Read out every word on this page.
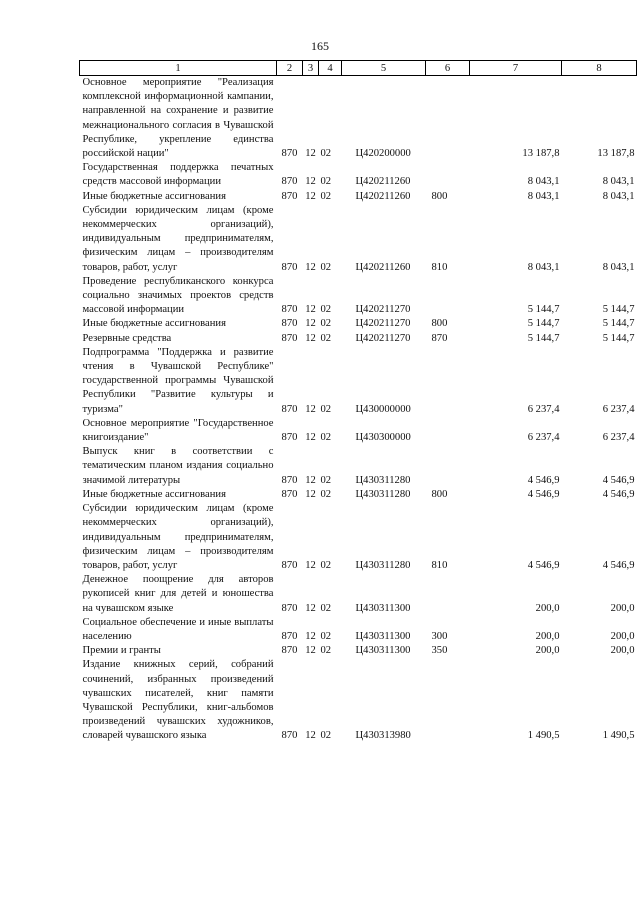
165
1	2	3	4	5	6	7	8
Основное мероприятие "Реализация комплексной информационной кампании, направленной на сохранение и развитие межнационального согласия в Чувашской Республике, укрепление единства российской нации"	870	12	02	Ц420200000		13 187,8	13 187,8
Государственная поддержка печатных средств массовой информации	870	12	02	Ц420211260		8 043,1	8 043,1
Иные бюджетные ассигнования	870	12	02	Ц420211260	800	8 043,1	8 043,1
Субсидии юридическим лицам (кроме некоммерческих организаций), индивидуальным предпринимателям, физическим лицам – производителям товаров, работ, услуг	870	12	02	Ц420211260	810	8 043,1	8 043,1
Проведение республиканского конкурса социально значимых проектов средств массовой информации	870	12	02	Ц420211270		5 144,7	5 144,7
Иные бюджетные ассигнования	870	12	02	Ц420211270	800	5 144,7	5 144,7
Резервные средства	870	12	02	Ц420211270	870	5 144,7	5 144,7
Подпрограмма "Поддержка и развитие чтения в Чувашской Республике" государственной программы Чувашской Республики "Развитие культуры и туризма"	870	12	02	Ц430000000		6 237,4	6 237,4
Основное мероприятие "Государственное книгоиздание"	870	12	02	Ц430300000		6 237,4	6 237,4
Выпуск книг в соответствии с тематическим планом издания социально значимой литературы	870	12	02	Ц430311280		4 546,9	4 546,9
Иные бюджетные ассигнования	870	12	02	Ц430311280	800	4 546,9	4 546,9
Субсидии юридическим лицам (кроме некоммерческих организаций), индивидуальным предпринимателям, физическим лицам – производителям товаров, работ, услуг	870	12	02	Ц430311280	810	4 546,9	4 546,9
Денежное поощрение для авторов рукописей книг для детей и юношества на чувашском языке	870	12	02	Ц430311300		200,0	200,0
Социальное обеспечение и иные выплаты населению	870	12	02	Ц430311300	300	200,0	200,0
Премии и гранты	870	12	02	Ц430311300	350	200,0	200,0
Издание книжных серий, собраний сочинений, избранных произведений чувашских писателей, книг памяти Чувашской Республики, книг-альбомов произведений чувашских художников, словарей чувашского языка	870	12	02	Ц430313980		1 490,5	1 490,5
